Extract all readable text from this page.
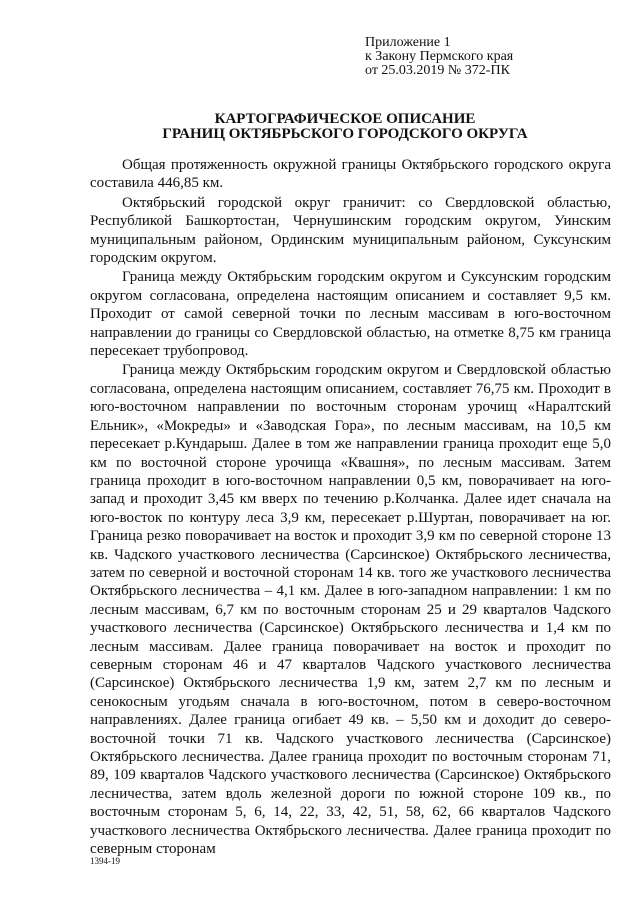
Приложение 1
к Закону Пермского края
от 25.03.2019 № 372-ПК
КАРТОГРАФИЧЕСКОЕ ОПИСАНИЕ
ГРАНИЦ ОКТЯБРЬСКОГО ГОРОДСКОГО ОКРУГА

Общая протяженность окружной границы Октябрьского городского округа составила 446,85 км.

Октябрьский городской округ граничит: со Свердловской областью, Республикой Башкортостан, Чернушинским городским округом, Уинским муниципальным районом, Ординским муниципальным районом, Суксунским городским округом.

Граница между Октябрьским городским округом и Суксунским городским округом согласована, определена настоящим описанием и составляет 9,5 км. Проходит от самой северной точки по лесным массивам в юго-восточном направлении до границы со Свердловской областью, на отметке 8,75 км граница пересекает трубопровод.

Граница между Октябрьским городским округом и Свердловской областью согласована, определена настоящим описанием, составляет 76,75 км. Проходит в юго-восточном направлении по восточным сторонам урочищ «Наралтский Ельник», «Мокреды» и «Заводская Гора», по лесным массивам, на 10,5 км пересекает р.Кундарыш. Далее в том же направлении граница проходит еще 5,0 км по восточной стороне урочища «Квашня», по лесным массивам. Затем граница проходит в юго-восточном направлении 0,5 км, поворачивает на юго-запад и проходит 3,45 км вверх по течению р.Колчанка. Далее идет сначала на юго-восток по контуру леса 3,9 км, пересекает р.Шуртан, поворачивает на юг. Граница резко поворачивает на восток и проходит 3,9 км по северной стороне 13 кв. Чадского участкового лесничества (Сарсинское) Октябрьского лесничества, затем по северной и восточной сторонам 14 кв. того же участкового лесничества Октябрьского лесничества – 4,1 км. Далее в юго-западном направлении: 1 км по лесным массивам, 6,7 км по восточным сторонам 25 и 29 кварталов Чадского участкового лесничества (Сарсинское) Октябрьского лесничества и 1,4 км по лесным массивам. Далее граница поворачивает на восток и проходит по северным сторонам 46 и 47 кварталов Чадского участкового лесничества (Сарсинское) Октябрьского лесничества 1,9 км, затем 2,7 км по лесным и сенокосным угодьям сначала в юго-восточном, потом в северо-восточном направлениях. Далее граница огибает 49 кв. – 5,50 км и доходит до северо-восточной точки 71 кв. Чадского участкового лесничества (Сарсинское) Октябрьского лесничества. Далее граница проходит по восточным сторонам 71, 89, 109 кварталов Чадского участкового лесничества (Сарсинское) Октябрьского лесничества, затем вдоль железной дороги по южной стороне 109 кв., по восточным сторонам 5, 6, 14, 22, 33, 42, 51, 58, 62, 66 кварталов Чадского участкового лесничества Октябрьского лесничества. Далее граница проходит по северным сторонам

1394-19
